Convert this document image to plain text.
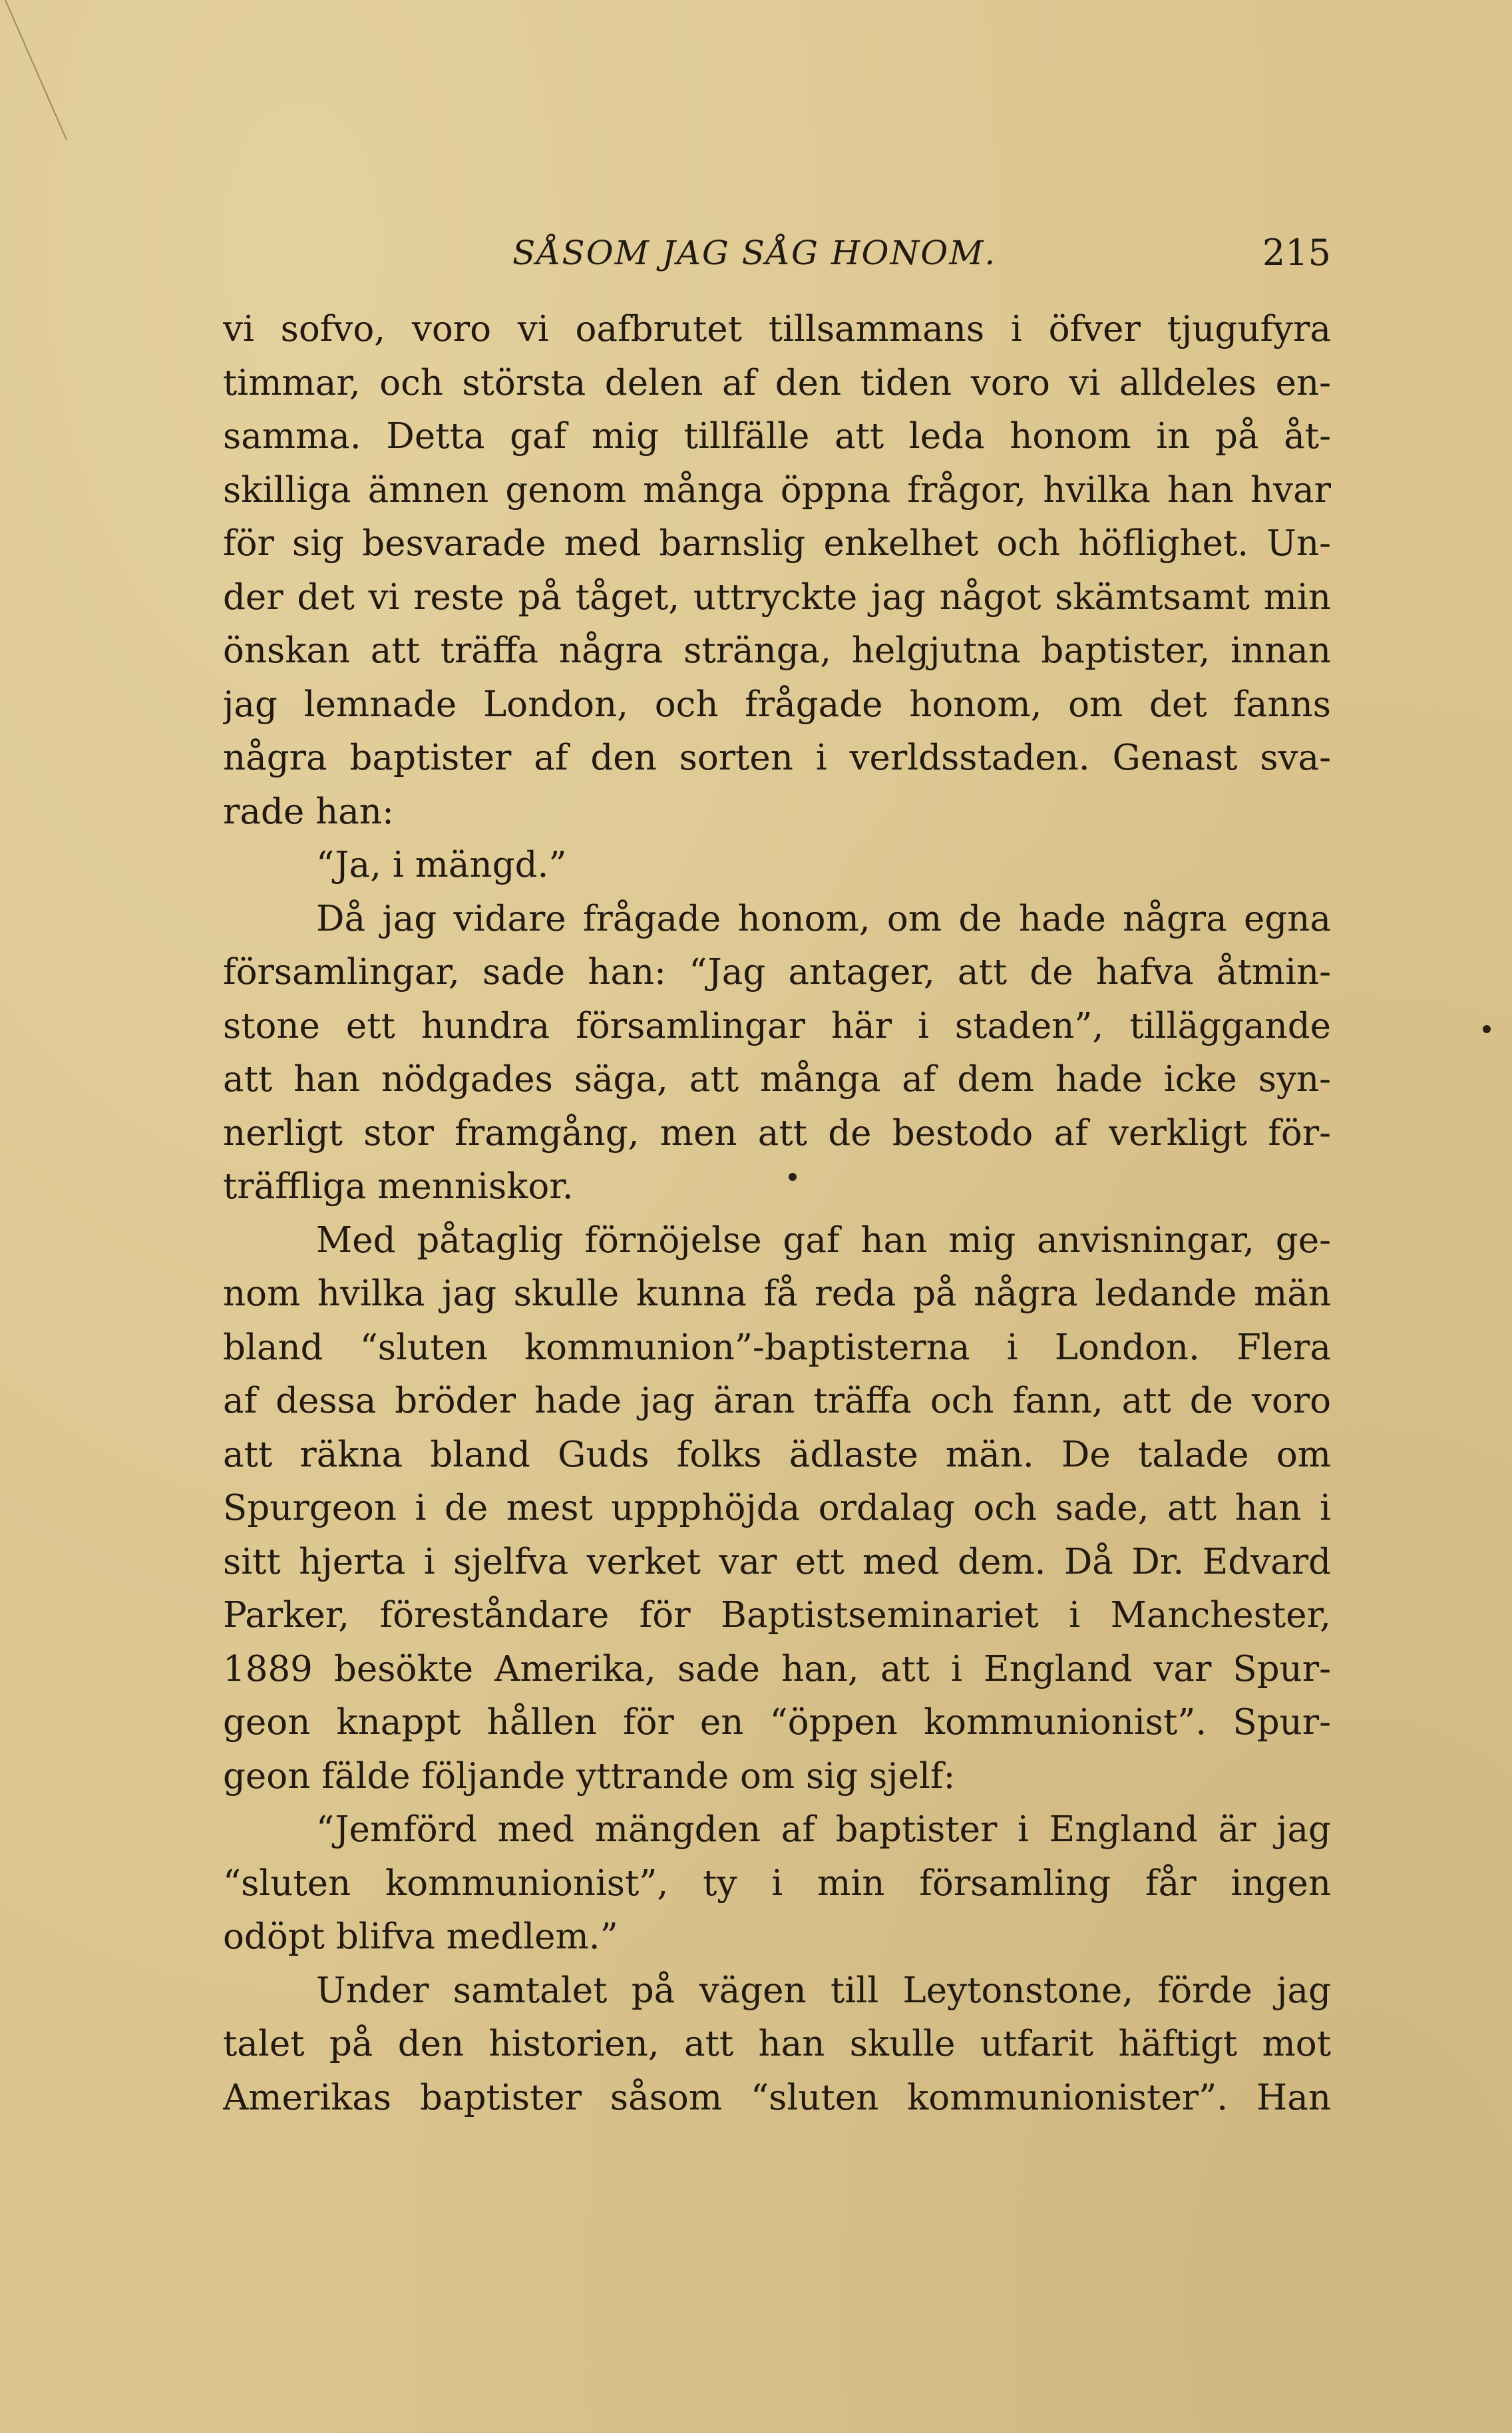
SÅSOM JAG SÅG HONOM.	215
vi sofvo, voro vi oafbrutet tillsammans i öfver tjugufyra
timmar, och största delen af den tiden voro vi alldeles en-
samma. Detta gaf mig tillfälle att leda honom in på åt-
skilliga ämnen genom många öppna frågor, hvilka han hvar
för sig besvarade med barnslig enkelhet och höflighet. Un-
der det vi reste på tåget, uttryckte jag något skämtsamt min
önskan att träffa några stränga, helgjutna baptister, innan
jag lemnade London, och frågade honom, om det fanns
några baptister af den sorten i verldsstaden. Genast sva-
rade han:
“Ja, i mängd.”
Då jag vidare frågade honom, om de hade några egna
församlingar, sade han: “Jag antager, att de hafva åtmin-
stone ett hundra församlingar här i staden”, tilläggande
att han nödgades säga, att många af dem hade icke syn-
nerligt stor framgång, men att de bestodo af verkligt för-
träffliga menniskor.
Med påtaglig förnöjelse gaf han mig anvisningar, ge-
nom hvilka jag skulle kunna få reda på några ledande män
bland “sluten kommunion”-baptisterna i London. Flera
af dessa bröder hade jag äran träffa och fann, att de voro
att räkna bland Guds folks ädlaste män. De talade om
Spurgeon i de mest uppphöjda ordalag och sade, att han i
sitt hjerta i sjelfva verket var ett med dem. Då Dr. Edvard
Parker, föreståndare för Baptistseminariet i Manchester,
1889 besökte Amerika, sade han, att i England var Spur-
geon knappt hållen för en “öppen kommunionist”. Spur-
geon fälde följande yttrande om sig sjelf:
“Jemförd med mängden af baptister i England är jag
“sluten kommunionist”, ty i min församling får ingen
odöpt blifva medlem.”
Under samtalet på vägen till Leytonstone, förde jag
talet på den historien, att han skulle utfarit häftigt mot
Amerikas baptister såsom “sluten kommunionister”. Han
